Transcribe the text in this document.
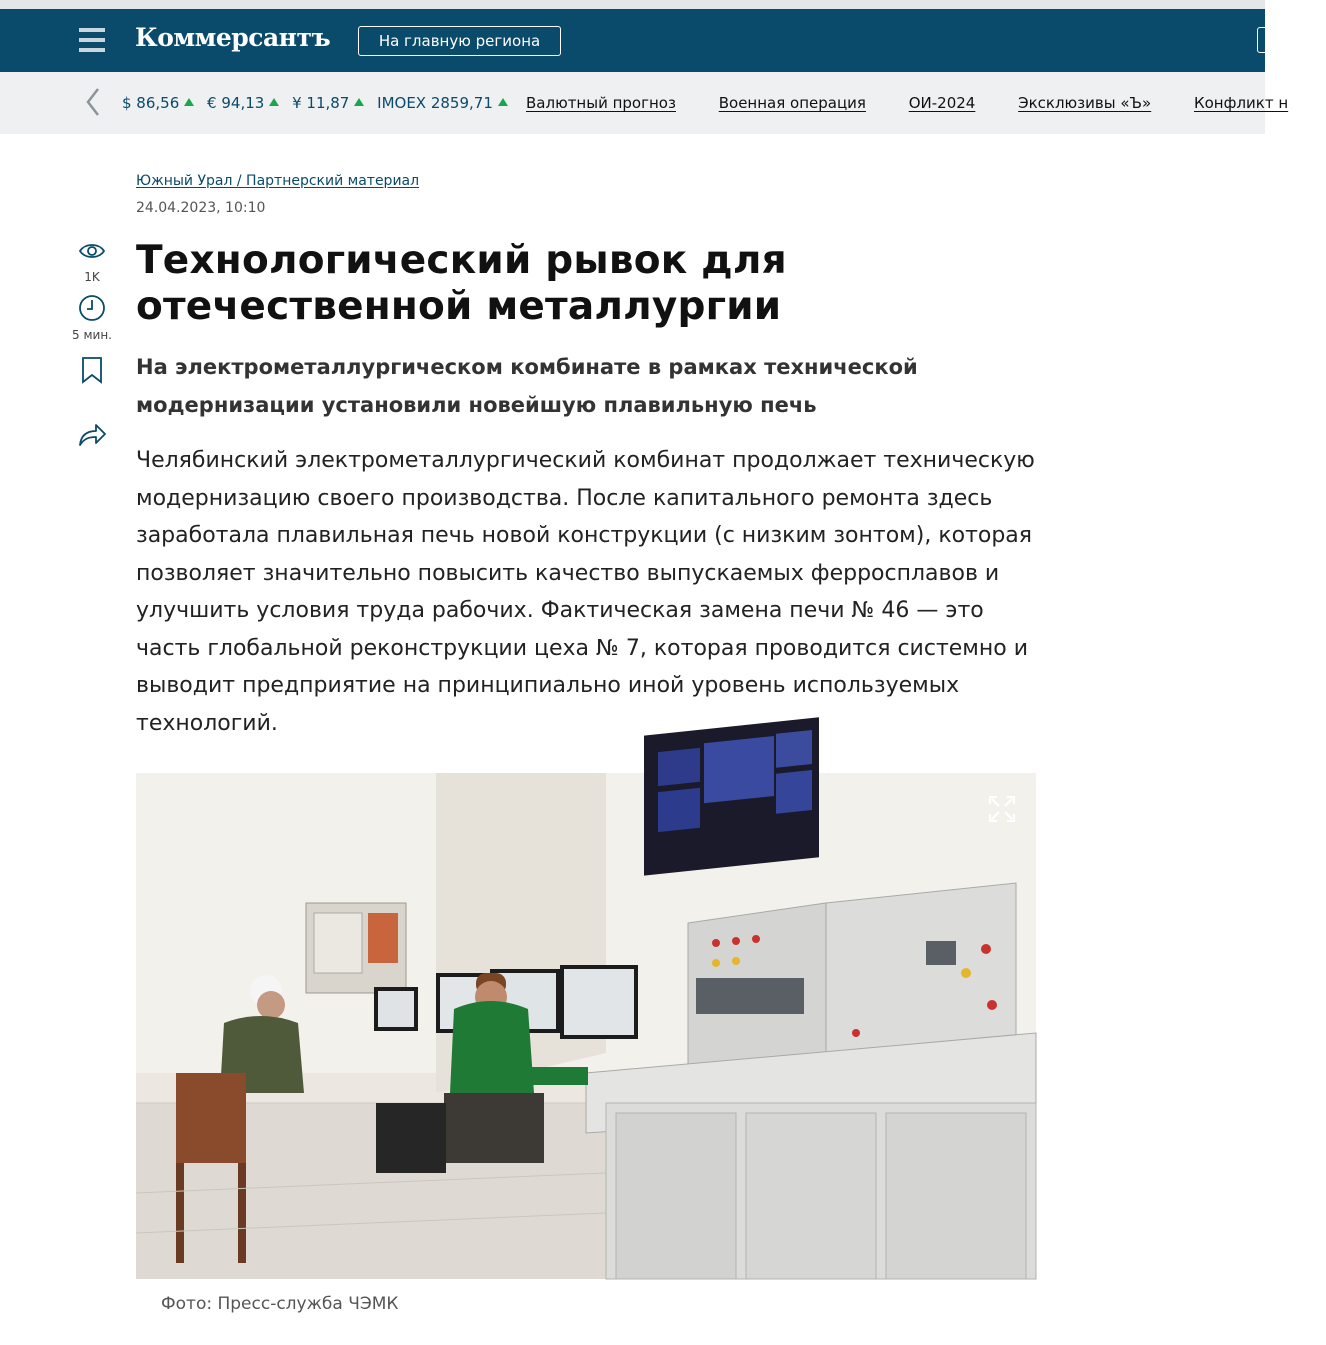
Коммерсантъ	На главную региона
$ 86,56 € 94,13 ¥ 11,87 IMOEX 2859,71	Валютный прогноз	Военная операция	ОИ-2024	Эксклюзивы «Ъ»	Конфликт н
Южный Урал / Партнерский материал
24.04.2023, 10:10
1K
5 мин.
Технологический рывок для отечественной металлургии
На электрометаллургическом комбинате в рамках технической модернизации установили новейшую плавильную печь

Челябинский электрометаллургический комбинат продолжает техническую модернизацию своего производства. После капитального ремонта здесь заработала плавильная печь новой конструкции (с низким зонтом), которая позволяет значительно повысить качество выпускаемых ферросплавов и улучшить условия труда рабочих. Фактическая замена печи № 46 — это часть глобальной реконструкции цеха № 7, которая проводится системно и выводит предприятие на принципиально иной уровень используемых технологий.

Фото: Пресс-служба ЧЭМК
